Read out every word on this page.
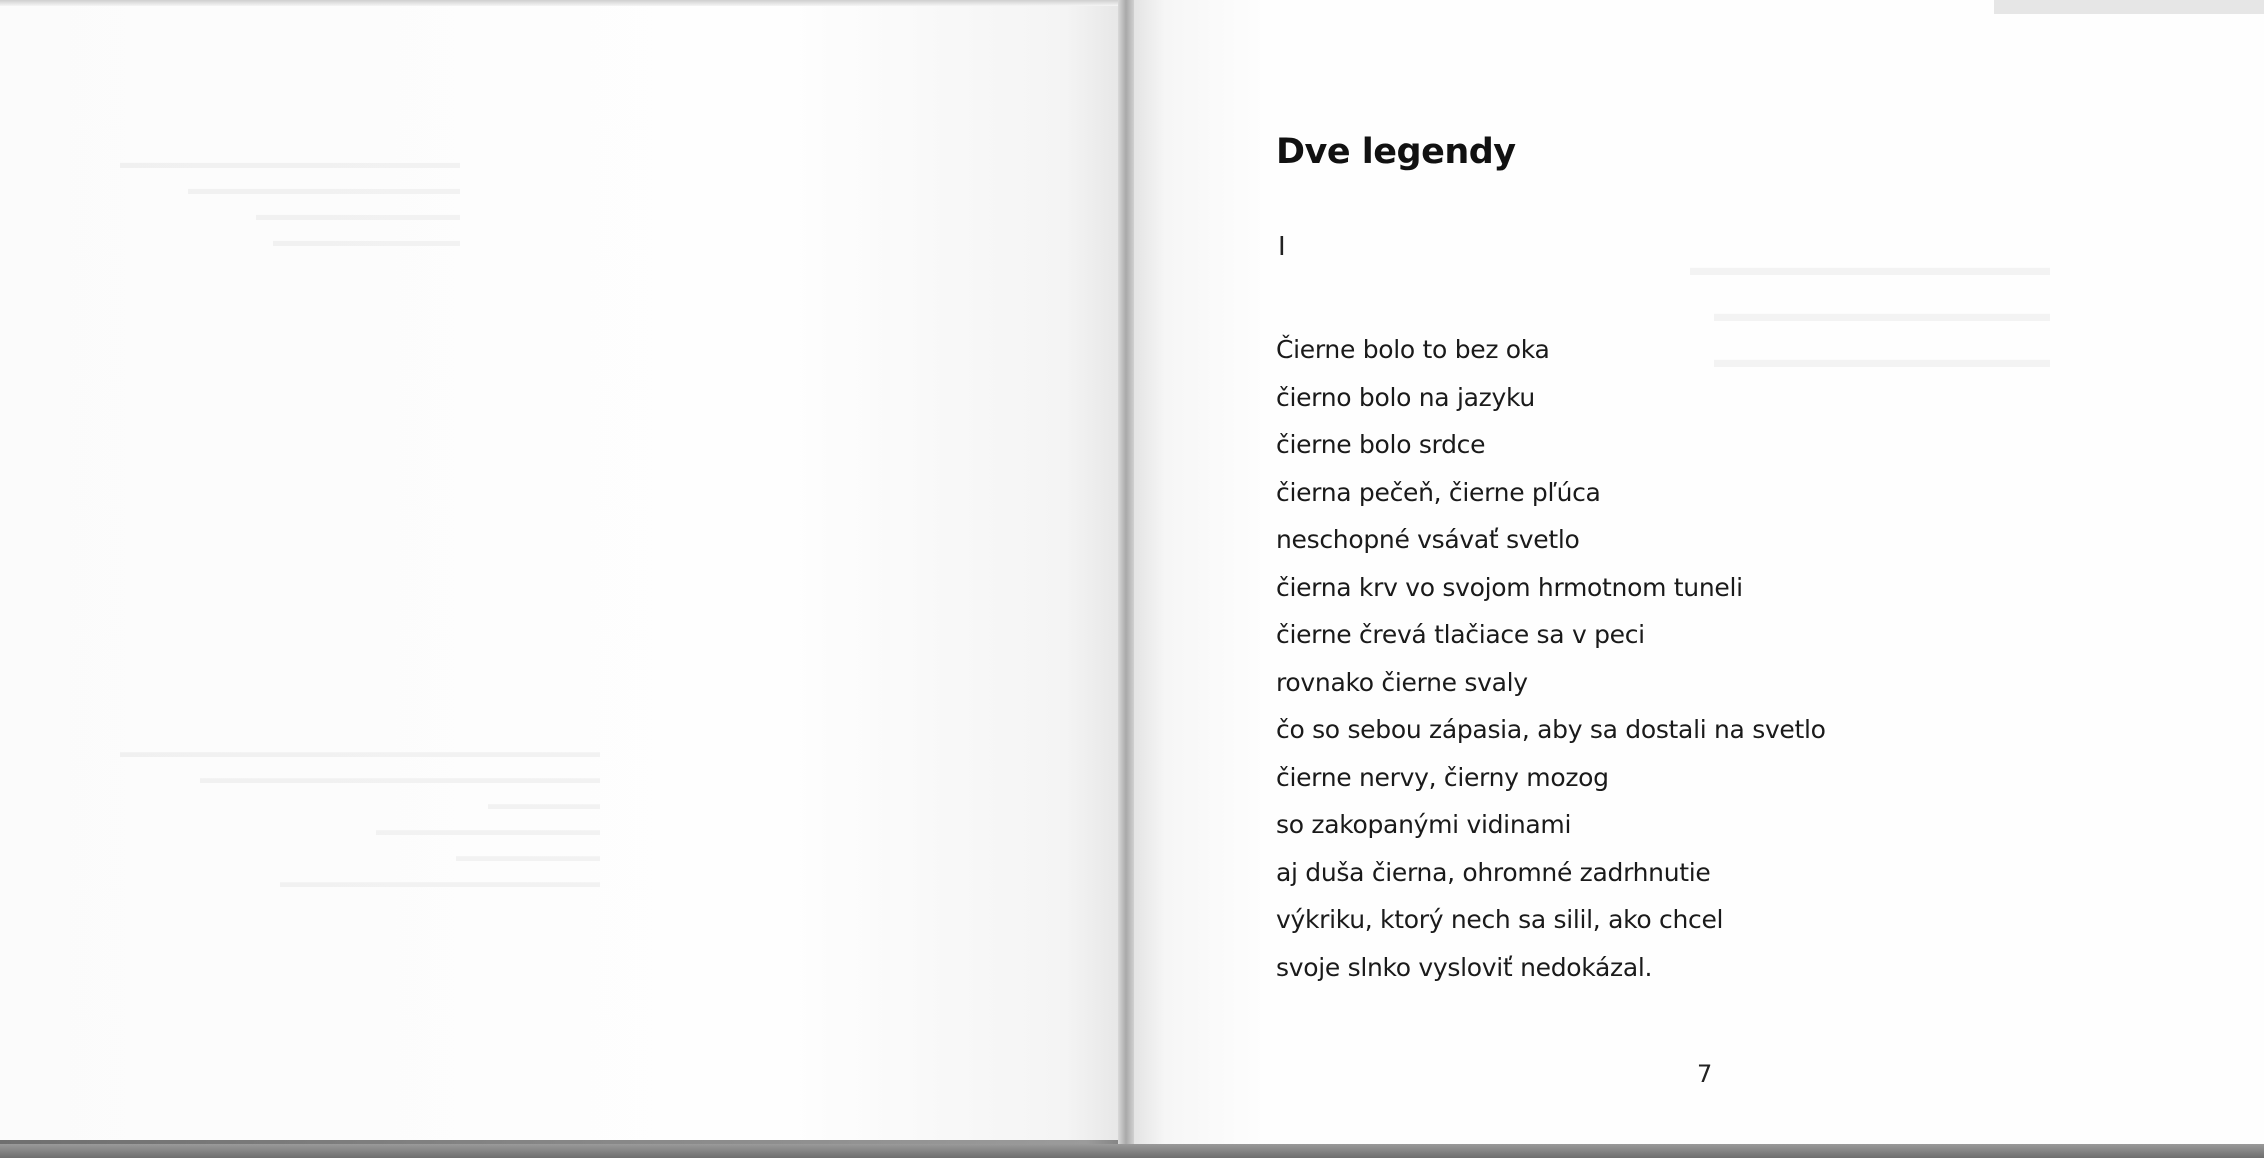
Dve legendy
I
Čierne bolo to bez oka
čierno bolo na jazyku
čierne bolo srdce
čierna pečeň, čierne pľúca
neschopné vsávať svetlo
čierna krv vo svojom hrmotnom tuneli
čierne črevá tlačiace sa v peci
rovnako čierne svaly
čo so sebou zápasia, aby sa dostali na svetlo
čierne nervy, čierny mozog
so zakopanými vidinami
aj duša čierna, ohromné zadrhnutie
výkriku, ktorý nech sa silil, ako chcel
svoje slnko vysloviť nedokázal.
7
